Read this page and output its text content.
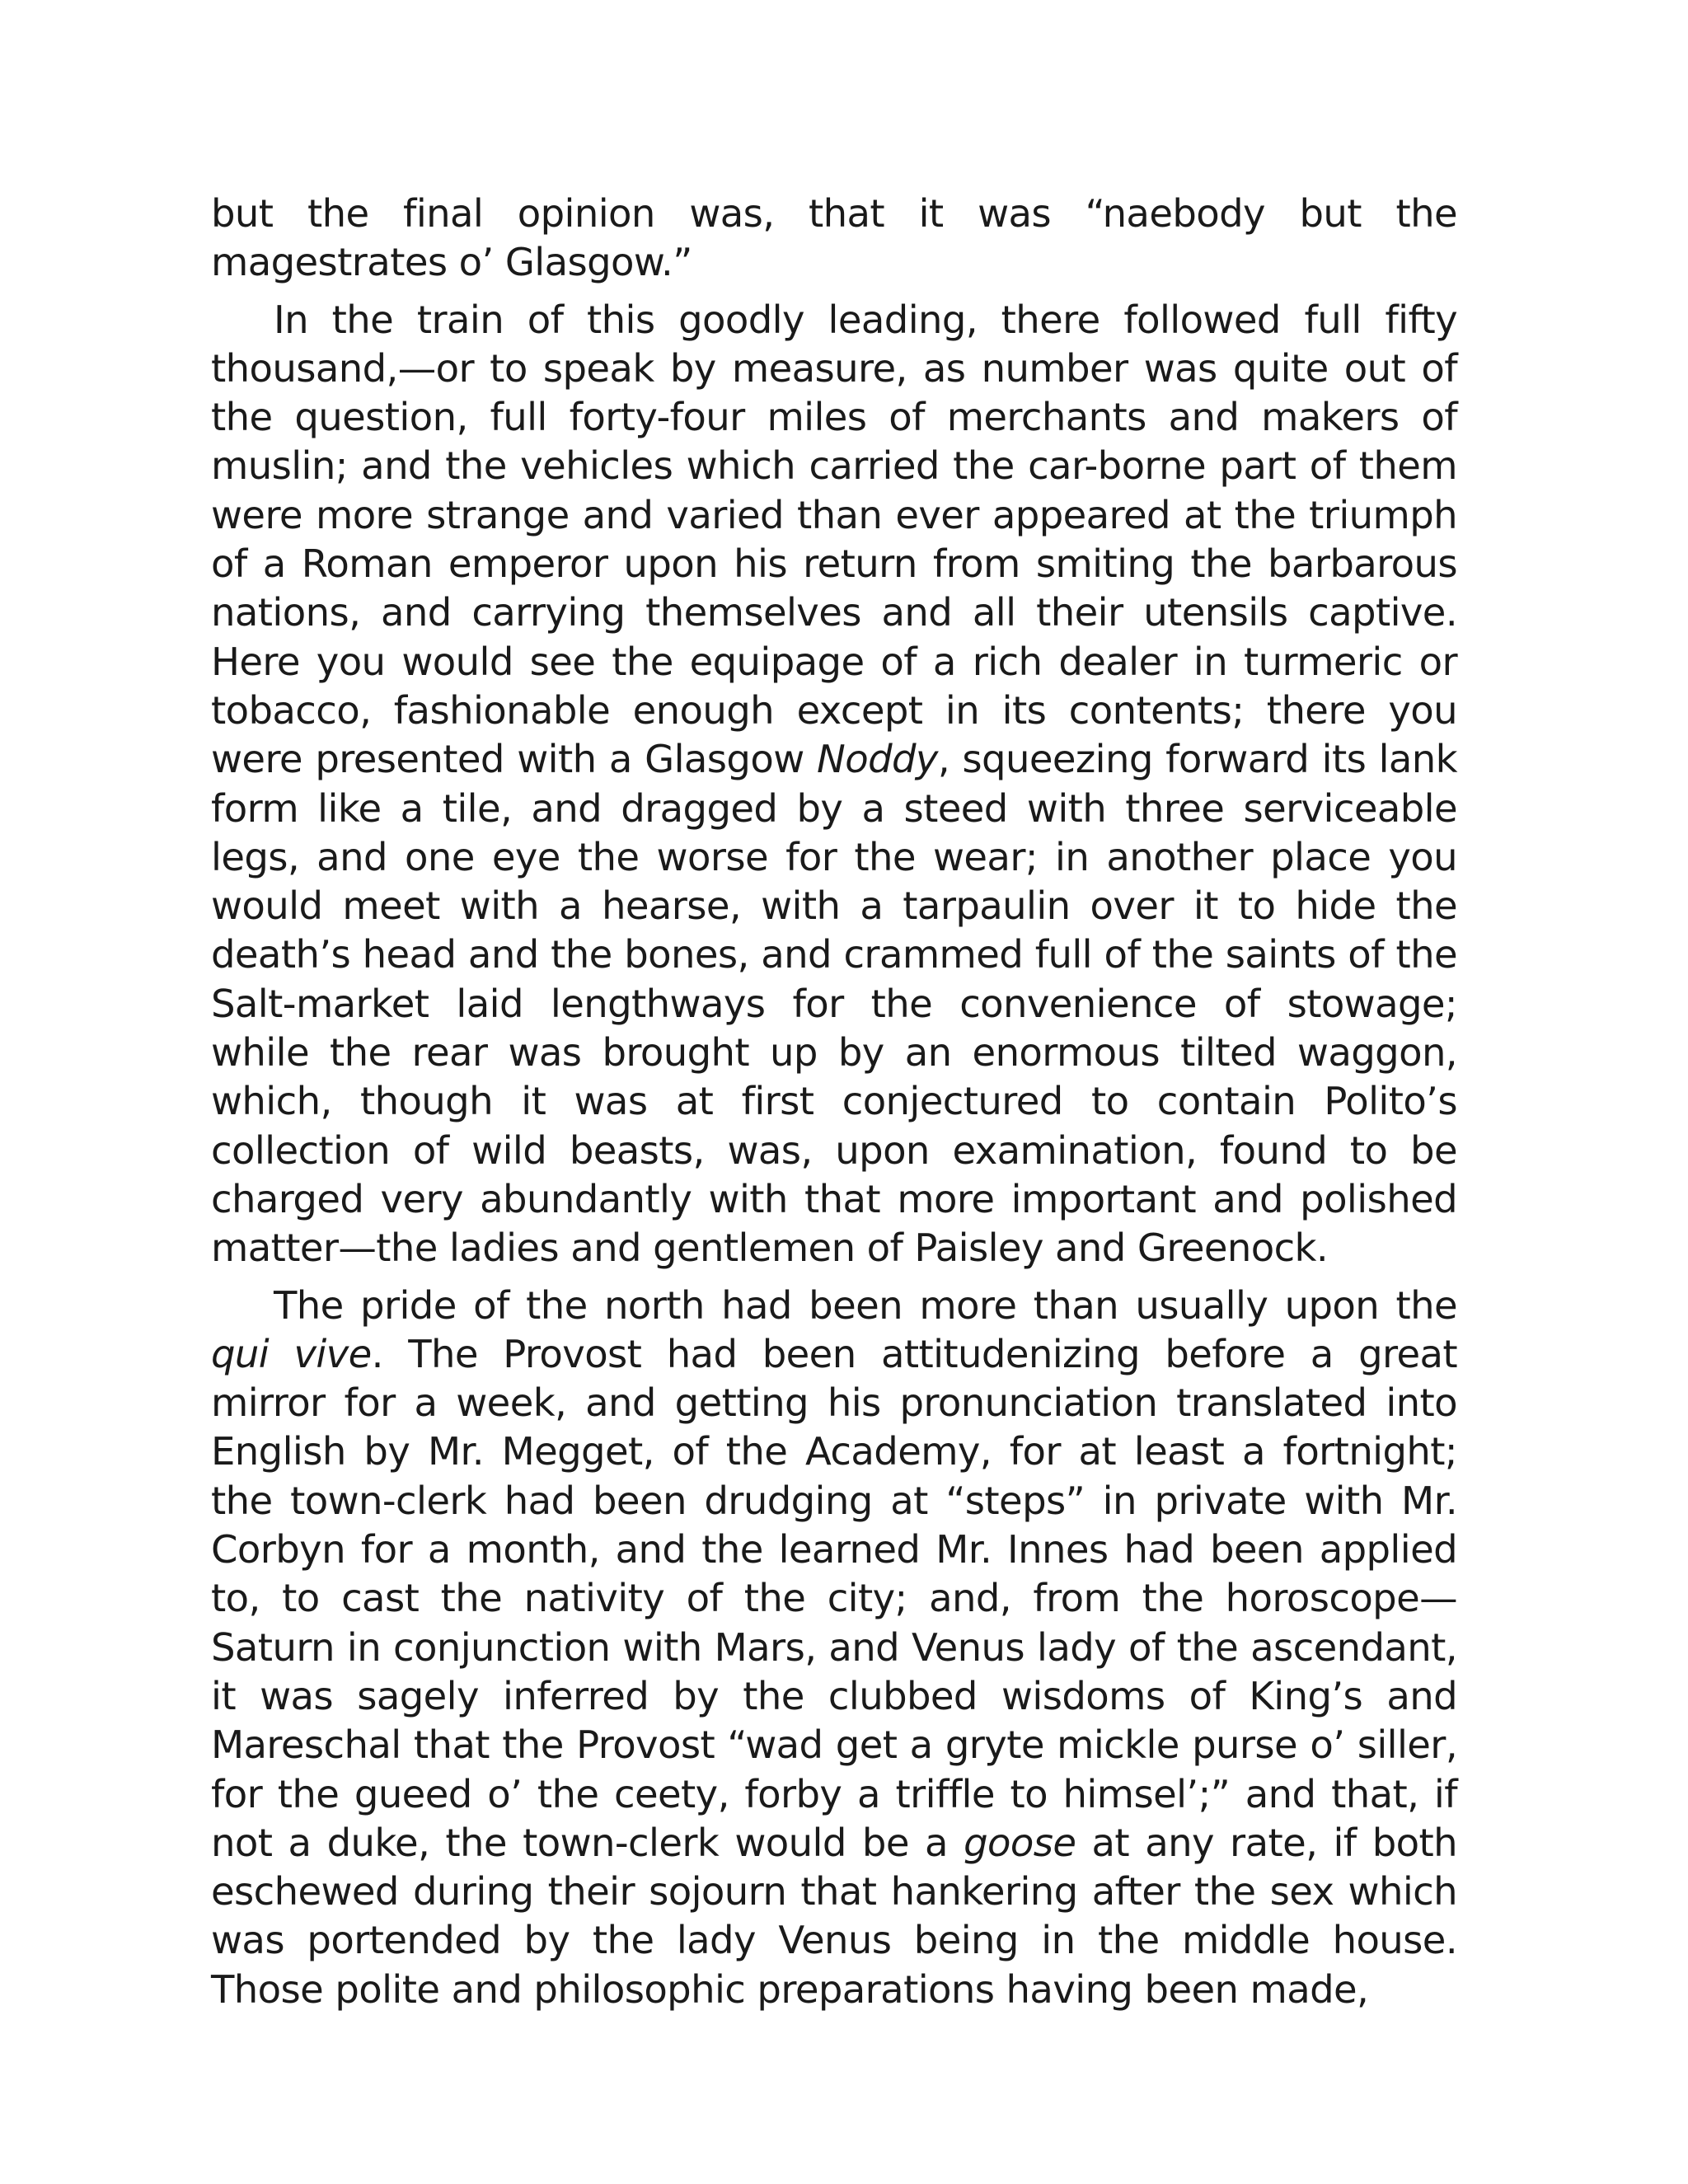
but the final opinion was, that it was “naebody but the magestrates o’ Glasgow.”

In the train of this goodly leading, there followed full fifty thousand,—or to speak by measure, as number was quite out of the question, full forty-four miles of merchants and makers of muslin; and the vehicles which carried the car-borne part of them were more strange and varied than ever appeared at the triumph of a Roman emperor upon his return from smiting the barbarous nations, and carrying themselves and all their utensils captive. Here you would see the equipage of a rich dealer in turmeric or tobacco, fashionable enough except in its contents; there you were presented with a Glasgow Noddy, squeezing forward its lank form like a tile, and dragged by a steed with three serviceable legs, and one eye the worse for the wear; in another place you would meet with a hearse, with a tarpaulin over it to hide the death’s head and the bones, and crammed full of the saints of the Salt-market laid lengthways for the convenience of stowage; while the rear was brought up by an enormous tilted waggon, which, though it was at first conjectured to contain Polito’s collection of wild beasts, was, upon examination, found to be charged very abundantly with that more important and polished matter—the ladies and gentlemen of Paisley and Greenock.

The pride of the north had been more than usually upon the qui vive. The Provost had been attitudenizing before a great mirror for a week, and getting his pronunciation translated into English by Mr. Megget, of the Academy, for at least a fortnight; the town-clerk had been drudging at “steps” in private with Mr. Corbyn for a month, and the learned Mr. Innes had been applied to, to cast the nativity of the city; and, from the horoscope—Saturn in conjunction with Mars, and Venus lady of the ascendant, it was sagely inferred by the clubbed wisdoms of King’s and Mareschal that the Provost “wad get a gryte mickle purse o’ siller, for the gueed o’ the ceety, forby a triffle to himsel’;” and that, if not a duke, the town-clerk would be a goose at any rate, if both eschewed during their sojourn that hankering after the sex which was portended by the lady Venus being in the middle house. Those polite and philosophic preparations having been made,
